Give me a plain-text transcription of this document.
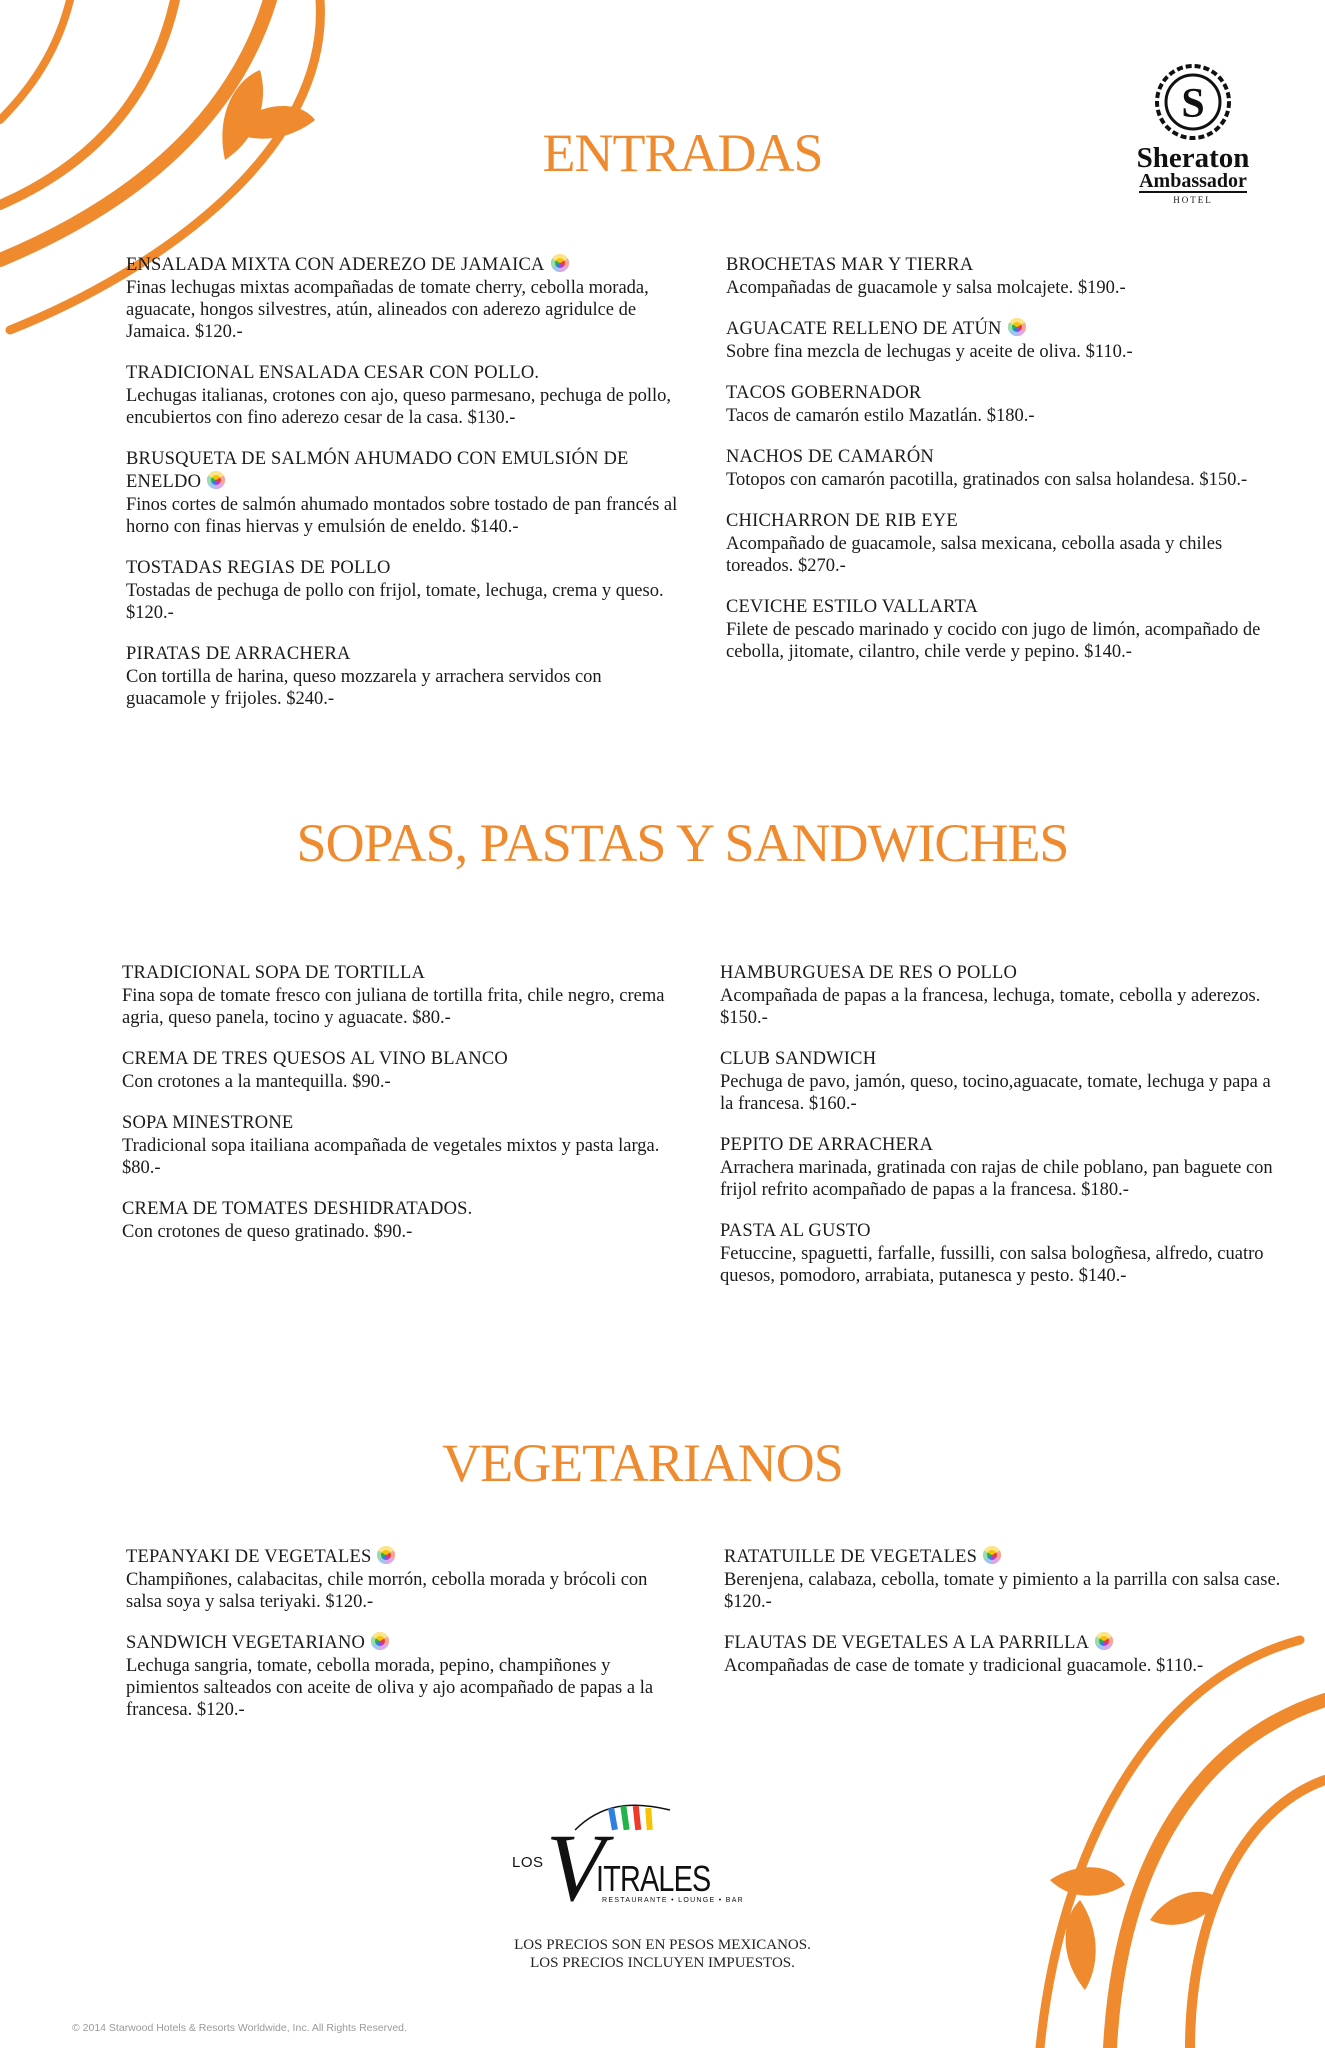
S
Sheraton
Ambassador
HOTEL
ENTRADAS
SOPAS, PASTAS Y SANDWICHES
VEGETARIANOS
ENSALADA MIXTA CON ADEREZO DE JAMAICA
Finas lechugas mixtas acompañadas de tomate cherry, cebolla morada, aguacate, hongos silvestres, atún, alineados con aderezo agridulce de Jamaica. $120.-
TRADICIONAL ENSALADA CESAR CON POLLO.
Lechugas italianas, crotones con ajo, queso parmesano, pechuga de pollo, encubiertos con fino aderezo cesar de la casa. $130.-
BRUSQUETA DE SALMÓN AHUMADO CON EMULSIÓN DE ENELDO
Finos cortes de salmón ahumado montados sobre tostado de pan francés al horno con finas hiervas y emulsión de eneldo. $140.-
TOSTADAS REGIAS DE POLLO
Tostadas de pechuga de pollo con frijol, tomate, lechuga, crema y queso. $120.-
PIRATAS DE ARRACHERA
Con tortilla de harina, queso mozzarela y arrachera servidos con guacamole y frijoles. $240.-
BROCHETAS MAR Y TIERRA
Acompañadas de guacamole y salsa molcajete. $190.-
AGUACATE RELLENO DE ATÚN
Sobre fina mezcla de lechugas y aceite de oliva. $110.-
TACOS GOBERNADOR
Tacos de camarón estilo Mazatlán. $180.-
NACHOS DE CAMARÓN
Totopos con camarón pacotilla, gratinados con salsa holandesa. $150.-
CHICHARRON DE RIB EYE
Acompañado de guacamole, salsa mexicana, cebolla asada y chiles toreados. $270.-
CEVICHE ESTILO VALLARTA
Filete de pescado marinado y cocido con jugo de limón, acompañado de cebolla, jitomate, cilantro, chile verde y pepino. $140.-
TRADICIONAL SOPA DE TORTILLA
Fina sopa de tomate fresco con juliana de tortilla frita, chile negro, crema agria, queso panela, tocino y aguacate. $80.-
CREMA DE TRES QUESOS AL VINO BLANCO
Con crotones a la mantequilla. $90.-
SOPA MINESTRONE
Tradicional sopa itailiana acompañada de vegetales mixtos y pasta larga. $80.-
CREMA DE TOMATES DESHIDRATADOS.
Con crotones de queso gratinado. $90.-
HAMBURGUESA DE RES O POLLO
Acompañada de papas a la francesa, lechuga, tomate, cebolla y aderezos. $150.-
CLUB SANDWICH
Pechuga de pavo, jamón, queso, tocino,aguacate, tomate, lechuga y papa a la francesa. $160.-
PEPITO DE ARRACHERA
Arrachera marinada, gratinada con rajas de chile poblano, pan baguete con frijol refrito acompañado de papas a la francesa. $180.-
PASTA AL GUSTO
Fetuccine, spaguetti, farfalle, fussilli, con salsa bologñesa, alfredo, cuatro quesos, pomodoro, arrabiata, putanesca y pesto. $140.-
TEPANYAKI DE VEGETALES
Champiñones, calabacitas, chile morrón, cebolla morada y brócoli con salsa soya y salsa teriyaki. $120.-
SANDWICH VEGETARIANO
Lechuga sangria, tomate, cebolla morada, pepino, champiñones y pimientos salteados con aceite de oliva y ajo acompañado de papas a la francesa. $120.-
RATATUILLE DE VEGETALES
Berenjena, calabaza, cebolla, tomate y pimiento a la parrilla con salsa case. $120.-
FLAUTAS DE VEGETALES A LA PARRILLA
Acompañadas de case de tomate y tradicional guacamole. $110.-
LOS V
ITRALES
RESTAURANTE • LOUNGE • BAR
LOS PRECIOS SON EN PESOS MEXICANOS.
LOS PRECIOS INCLUYEN IMPUESTOS.
© 2014 Starwood Hotels & Resorts Worldwide, Inc. All Rights Reserved.
